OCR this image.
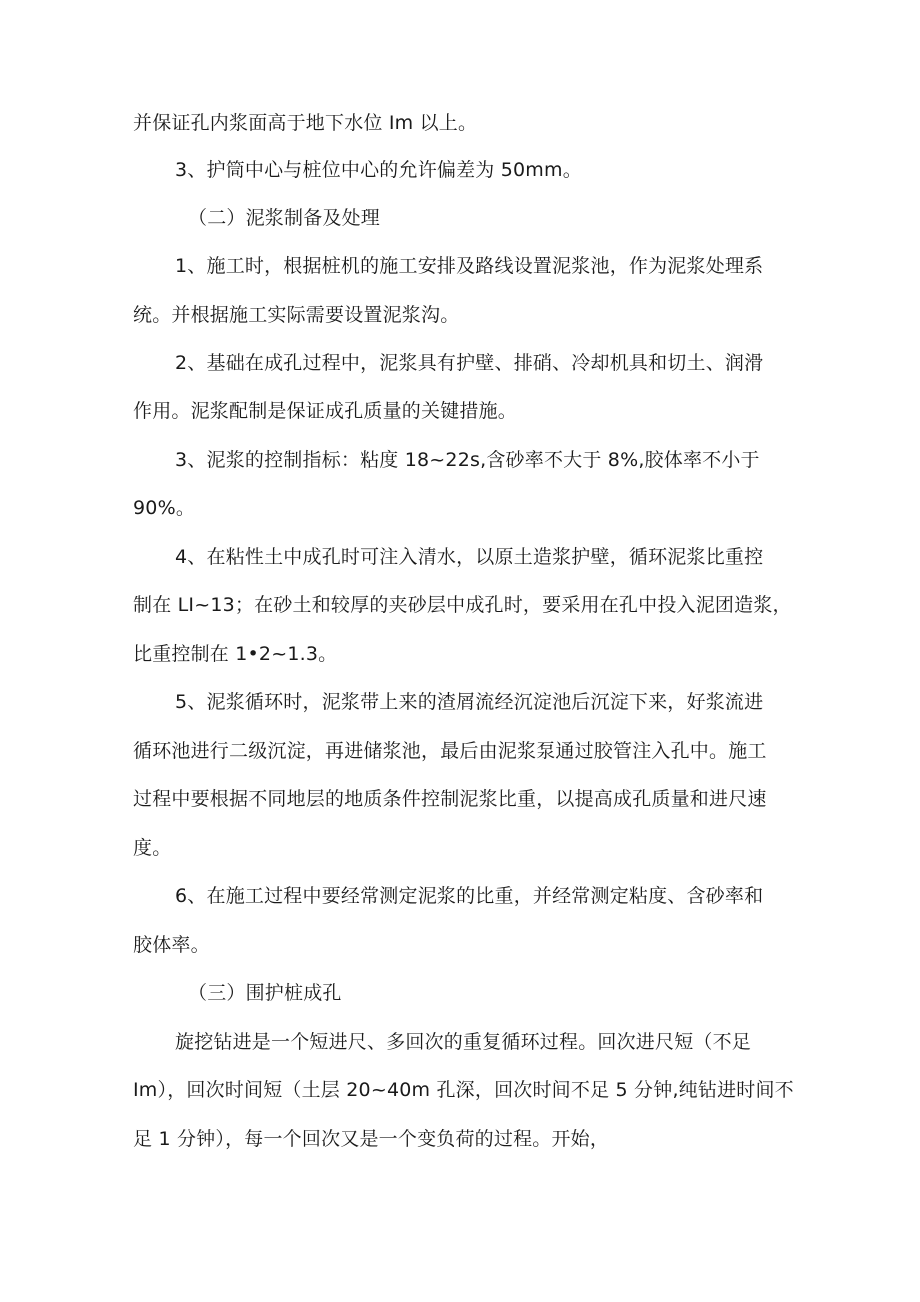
并保证孔内浆面高于地下水位 Im 以上。
3、护筒中心与桩位中心的允许偏差为 50mm。
（二）泥浆制备及处理
1、施工时，根据桩机的施工安排及路线设置泥浆池，作为泥浆处理系
统。并根据施工实际需要设置泥浆沟。
2、基础在成孔过程中，泥浆具有护壁、排硝、冷却机具和切土、润滑
作用。泥浆配制是保证成孔质量的关键措施。
3、泥浆的控制指标：粘度 18~22s,含砂率不大于 8%,胶体率不小于
90%。
4、在粘性土中成孔时可注入清水，以原土造浆护壁，循环泥浆比重控
制在 LI~13；在砂土和较厚的夹砂层中成孔时，要采用在孔中投入泥团造浆，
比重控制在 1•2~1.3。
5、泥浆循环时，泥浆带上来的渣屑流经沉淀池后沉淀下来，好浆流进
循环池进行二级沉淀，再进储浆池，最后由泥浆泵通过胶管注入孔中。施工
过程中要根据不同地层的地质条件控制泥浆比重，以提高成孔质量和进尺速
度。
6、在施工过程中要经常测定泥浆的比重，并经常测定粘度、含砂率和
胶体率。
（三）围护桩成孔
旋挖钻进是一个短进尺、多回次的重复循环过程。回次进尺短（不足
Im），回次时间短（土层 20~40m 孔深，回次时间不足 5 分钟,纯钻进时间不
足 1 分钟），每一个回次又是一个变负荷的过程。开始，
